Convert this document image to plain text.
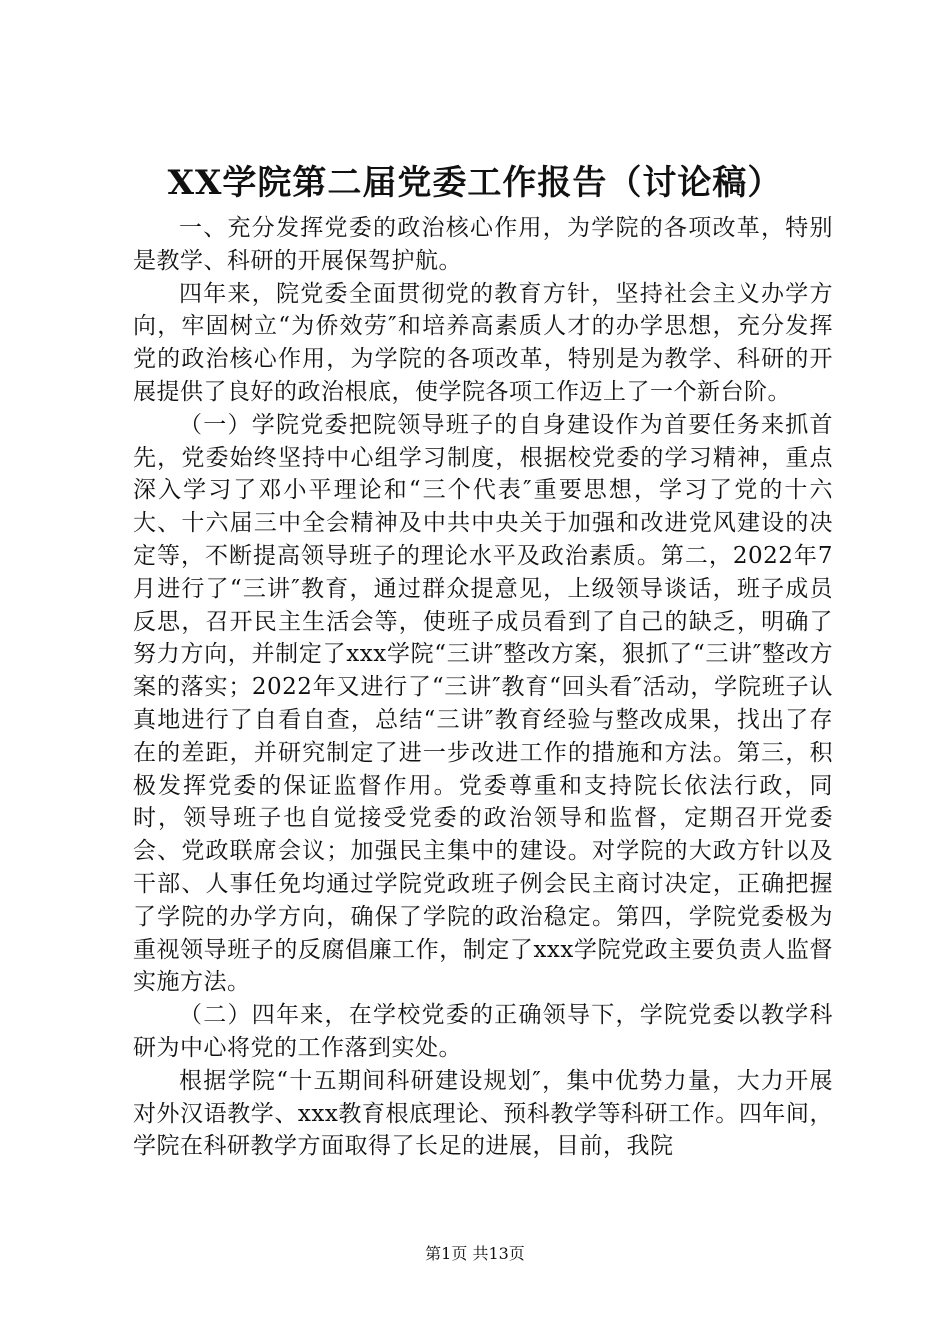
XX学院第二届党委工作报告（讨论稿）

一、充分发挥党委的政治核心作用，为学院的各项改革，特别是教学、科研的开展保驾护航。

四年来，院党委全面贯彻党的教育方针，坚持社会主义办学方向，牢固树立“为侨效劳″和培养高素质人才的办学思想，充分发挥党的政治核心作用，为学院的各项改革，特别是为教学、科研的开展提供了良好的政治根底，使学院各项工作迈上了一个新台阶。

（一）学院党委把院领导班子的自身建设作为首要任务来抓首先，党委始终坚持中心组学习制度，根据校党委的学习精神，重点深入学习了邓小平理论和“三个代表″重要思想，学习了党的十六大、十六届三中全会精神及中共中央关于加强和改进党风建设的决定等，不断提高领导班子的理论水平及政治素质。第二，2022年7月进行了“三讲″教育，通过群众提意见，上级领导谈话，班子成员反思，召开民主生活会等，使班子成员看到了自己的缺乏，明确了努力方向，并制定了xxx学院“三讲″整改方案，狠抓了“三讲″整改方案的落实；2022年又进行了“三讲″教育“回头看″活动，学院班子认真地进行了自看自查，总结“三讲″教育经验与整改成果，找出了存在的差距，并研究制定了进一步改进工作的措施和方法。第三，积极发挥党委的保证监督作用。党委尊重和支持院长依法行政，同时，领导班子也自觉接受党委的政治领导和监督，定期召开党委会、党政联席会议；加强民主集中的建设。对学院的大政方针以及干部、人事任免均通过学院党政班子例会民主商讨决定，正确把握了学院的办学方向，确保了学院的政治稳定。第四，学院党委极为重视领导班子的反腐倡廉工作，制定了xxx学院党政主要负责人监督实施方法。

（二）四年来，在学校党委的正确领导下，学院党委以教学科研为中心将党的工作落到实处。

根据学院“十五期间科研建设规划″，集中优势力量，大力开展对外汉语教学、xxx教育根底理论、预科教学等科研工作。四年间，学院在科研教学方面取得了长足的进展，目前，我院

第1页 共13页
